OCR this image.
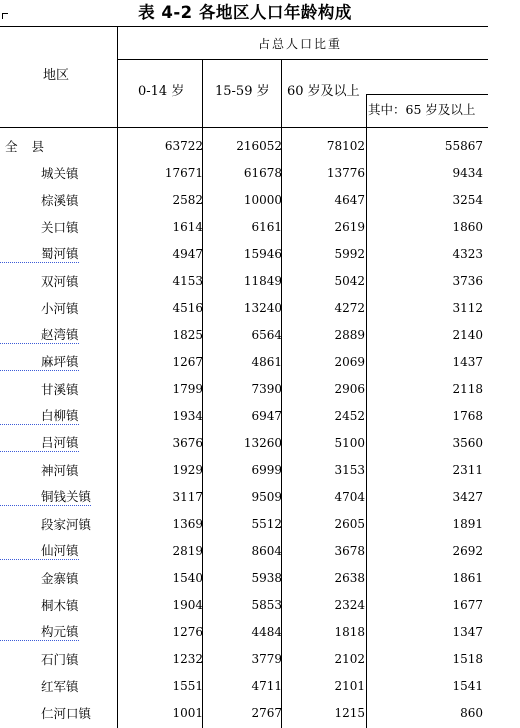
表 4-2 各地区人口年龄构成
地区
占总人口比重
0-14 岁 15-59 岁 60 岁及以上
其中：65 岁及以上
全县	63722	216052	78102	55867
城关镇	17671	61678	13776	9434
棕溪镇	2582	10000	4647	3254
关口镇	1614	6161	2619	1860
蜀河镇	4947	15946	5992	4323
双河镇	4153	11849	5042	3736
小河镇	4516	13240	4272	3112
赵湾镇	1825	6564	2889	2140
麻坪镇	1267	4861	2069	1437
甘溪镇	1799	7390	2906	2118
白柳镇	1934	6947	2452	1768
吕河镇	3676	13260	5100	3560
神河镇	1929	6999	3153	2311
铜钱关镇	3117	9509	4704	3427
段家河镇	1369	5512	2605	1891
仙河镇	2819	8604	3678	2692
金寨镇	1540	5938	2638	1861
桐木镇	1904	5853	2324	1677
构元镇	1276	4484	1818	1347
石门镇	1232	3779	2102	1518
红军镇	1551	4711	2101	1541
仁河口镇	1001	2767	1215	860
